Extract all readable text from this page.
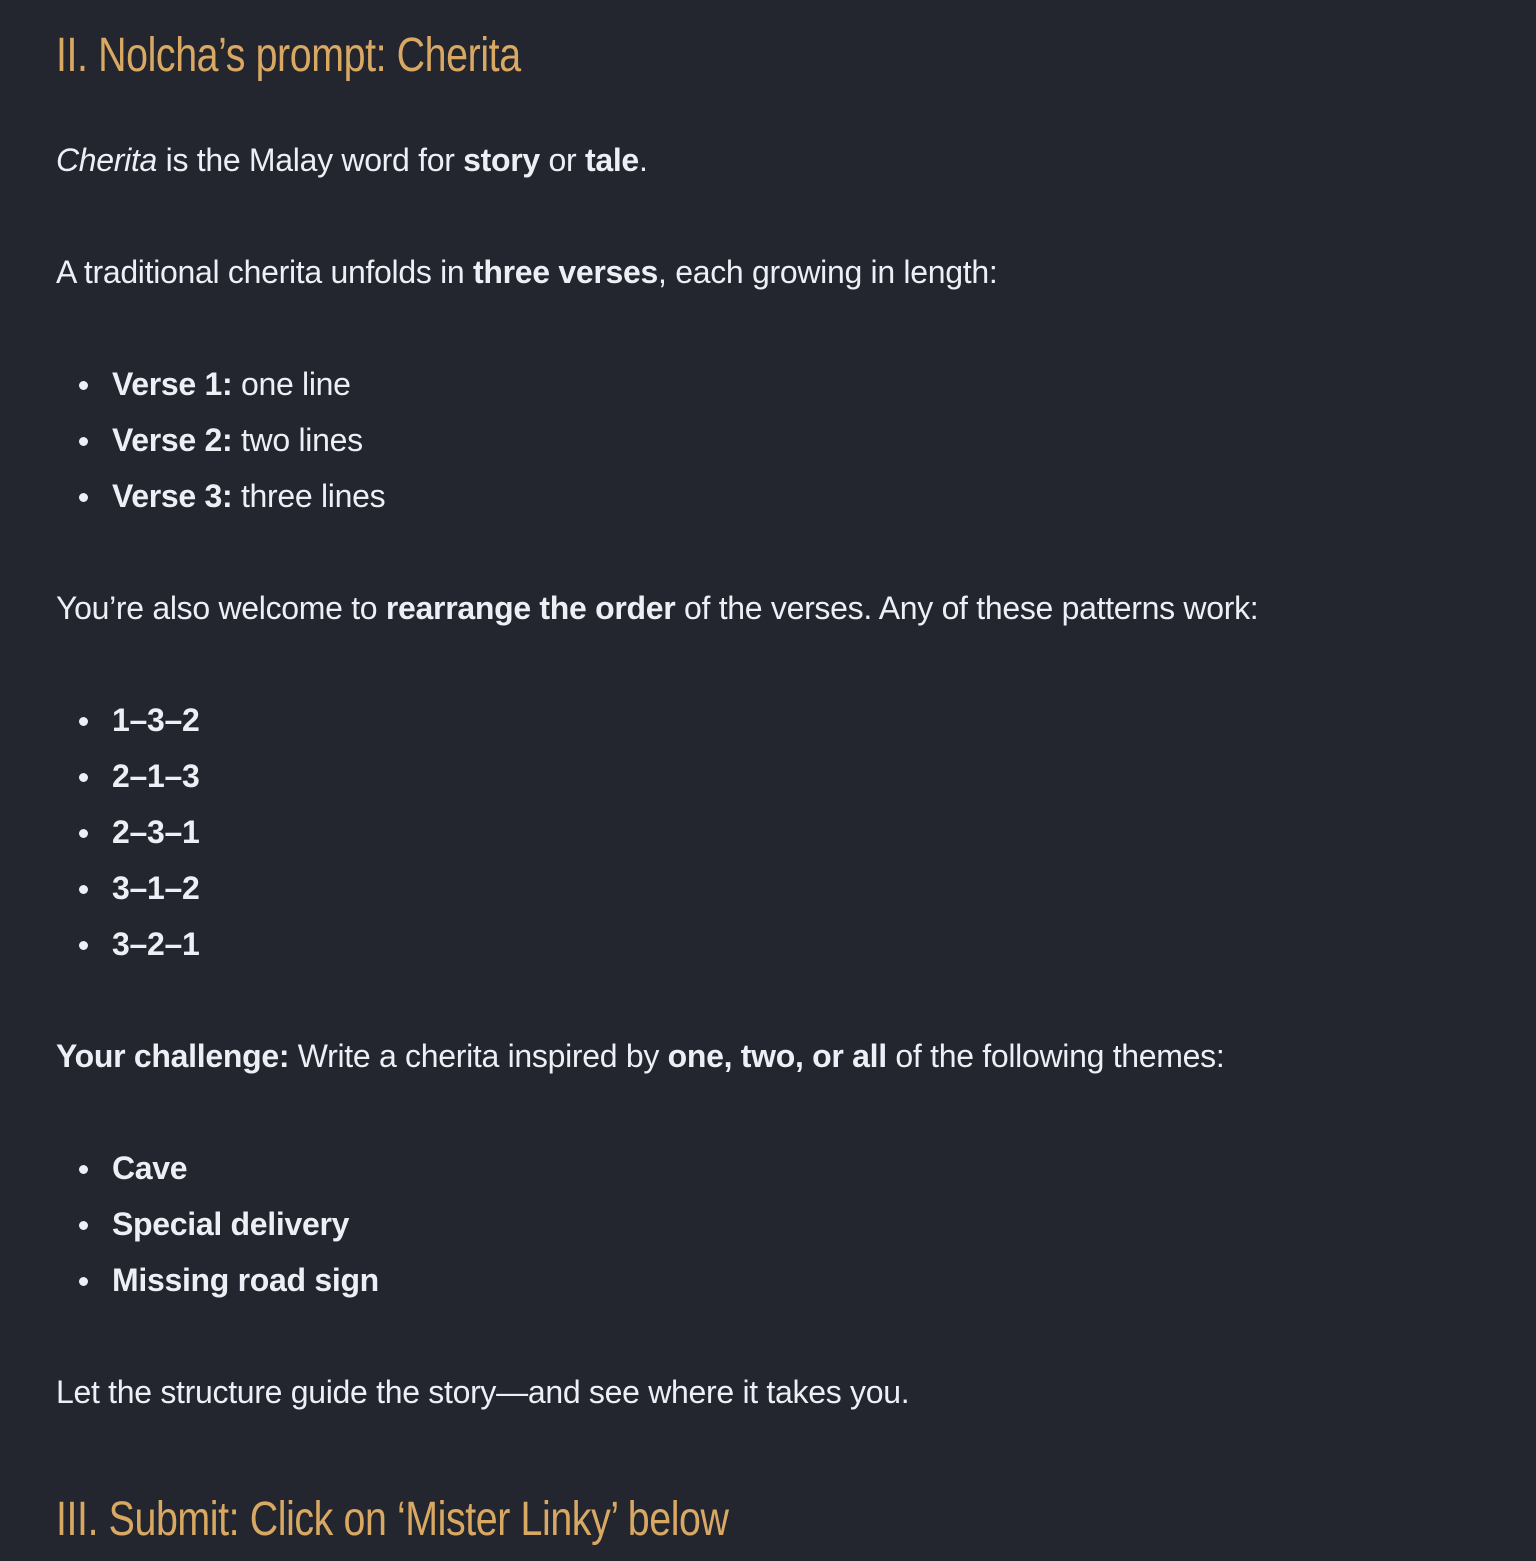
II. Nolcha’s prompt: Cherita

Cherita is the Malay word for story or tale.

A traditional cherita unfolds in three verses, each growing in length:

Verse 1: one line
Verse 2: two lines
Verse 3: three lines

You’re also welcome to rearrange the order of the verses. Any of these patterns work:

1–3–2
2–1–3
2–3–1
3–1–2
3–2–1

Your challenge: Write a cherita inspired by one, two, or all of the following themes:

Cave
Special delivery
Missing road sign

Let the structure guide the story—and see where it takes you.

III. Submit: Click on ‘Mister Linky’ below
